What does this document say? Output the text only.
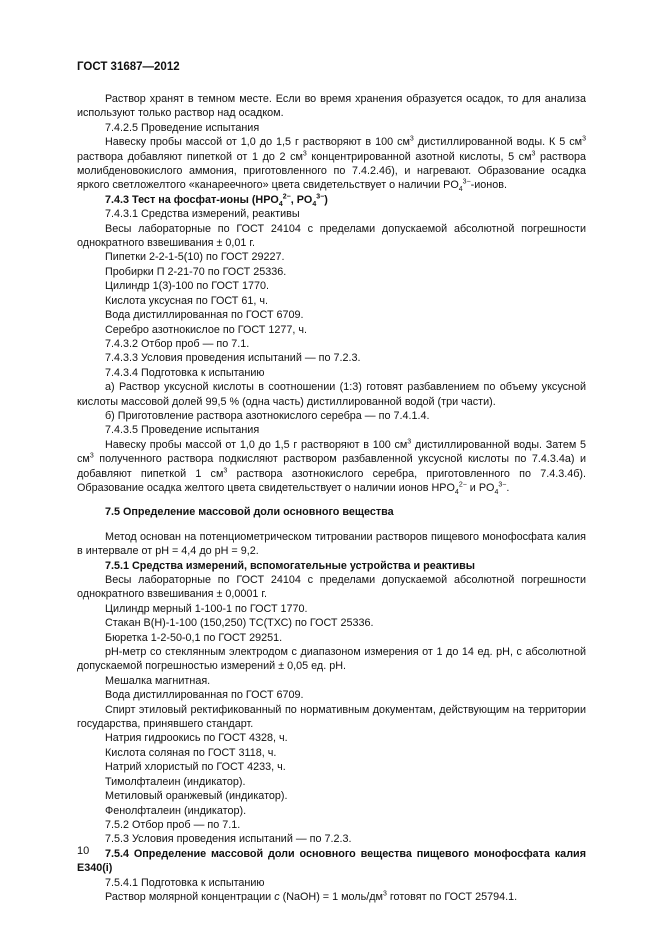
ГОСТ 31687—2012

Раствор хранят в темном месте. Если во время хранения образуется осадок, то для анализа используют только раствор над осадком.

7.4.2.5 Проведение испытания

Навеску пробы массой от 1,0 до 1,5 г растворяют в 100 $см^3$ дистиллированной воды. К 5 $см^3$ раствора добавляют пипеткой от 1 до 2 $см^3$ концентрированной азотной кислоты, 5 $см^3$ раствора молибденовокислого аммония, приготовленного по 7.4.2.4б), и нагревают. Образование осадка яркого светложелтого «канареечного» цвета свидетельствует о наличии $PO_4^{3-}$-ионов.

7.4.3 Тест на фосфат-ионы ($HPO_4^{2-}$, $PO_4^{3-}$)

7.4.3.1 Средства измерений, реактивы

Весы лабораторные по ГОСТ 24104 с пределами допускаемой абсолютной погрешности однократного взвешивания ± 0,01 г.

Пипетки 2-2-1-5(10) по ГОСТ 29227.

Пробирки П 2-21-70 по ГОСТ 25336.

Цилиндр 1(3)-100 по ГОСТ 1770.

Кислота уксусная по ГОСТ 61, ч.

Вода дистиллированная по ГОСТ 6709.

Серебро азотнокислое по ГОСТ 1277, ч.

7.4.3.2 Отбор проб — по 7.1.

7.4.3.3 Условия проведения испытаний — по 7.2.3.

7.4.3.4 Подготовка к испытанию

а) Раствор уксусной кислоты в соотношении (1:3) готовят разбавлением по объему уксусной кислоты массовой долей 99,5 % (одна часть) дистиллированной водой (три части).

б) Приготовление раствора азотнокислого серебра — по 7.4.1.4.

7.4.3.5 Проведение испытания

Навеску пробы массой от 1,0 до 1,5 г растворяют в 100 $см^3$ дистиллированной воды. Затем 5 $см^3$ полученного раствора подкисляют раствором разбавленной уксусной кислоты по 7.4.3.4а) и добавляют пипеткой 1 $см^3$ раствора азотнокислого серебра, приготовленного по 7.4.3.4б). Образование осадка желтого цвета свидетельствует о наличии ионов $HPO_4^{2-}$ и $PO_4^{3-}$.

7.5 Определение массовой доли основного вещества

Метод основан на потенциометрическом титровании растворов пищевого монофосфата калия в интервале от pH = 4,4 до pH = 9,2.

7.5.1 Средства измерений, вспомогательные устройства и реактивы

Весы лабораторные по ГОСТ 24104 с пределами допускаемой абсолютной погрешности однократного взвешивания ± 0,0001 г.

Цилиндр мерный 1-100-1 по ГОСТ 1770.

Стакан В(Н)-1-100 (150,250) ТС(ТХС) по ГОСТ 25336.

Бюретка 1-2-50-0,1 по ГОСТ 29251.

pH-метр со стеклянным электродом с диапазоном измерения от 1 до 14 ед. рН, с абсолютной допускаемой погрешностью измерений ± 0,05 ед. рН.

Мешалка магнитная.

Вода дистиллированная по ГОСТ 6709.

Спирт этиловый ректификованный по нормативным документам, действующим на территории государства, принявшего стандарт.

Натрия гидроокись по ГОСТ 4328, ч.

Кислота соляная по ГОСТ 3118, ч.

Натрий хлористый по ГОСТ 4233, ч.

Тимолфталеин (индикатор).

Метиловый оранжевый (индикатор).

Фенолфталеин (индикатор).

7.5.2 Отбор проб — по 7.1.

7.5.3 Условия проведения испытаний — по 7.2.3.

7.5.4 Определение массовой доли основного вещества пищевого монофосфата калия Е340(i)

7.5.4.1 Подготовка к испытанию

Раствор молярной концентрации с (NaOH) = 1 моль/$дм^3$ готовят по ГОСТ 25794.1.

10
